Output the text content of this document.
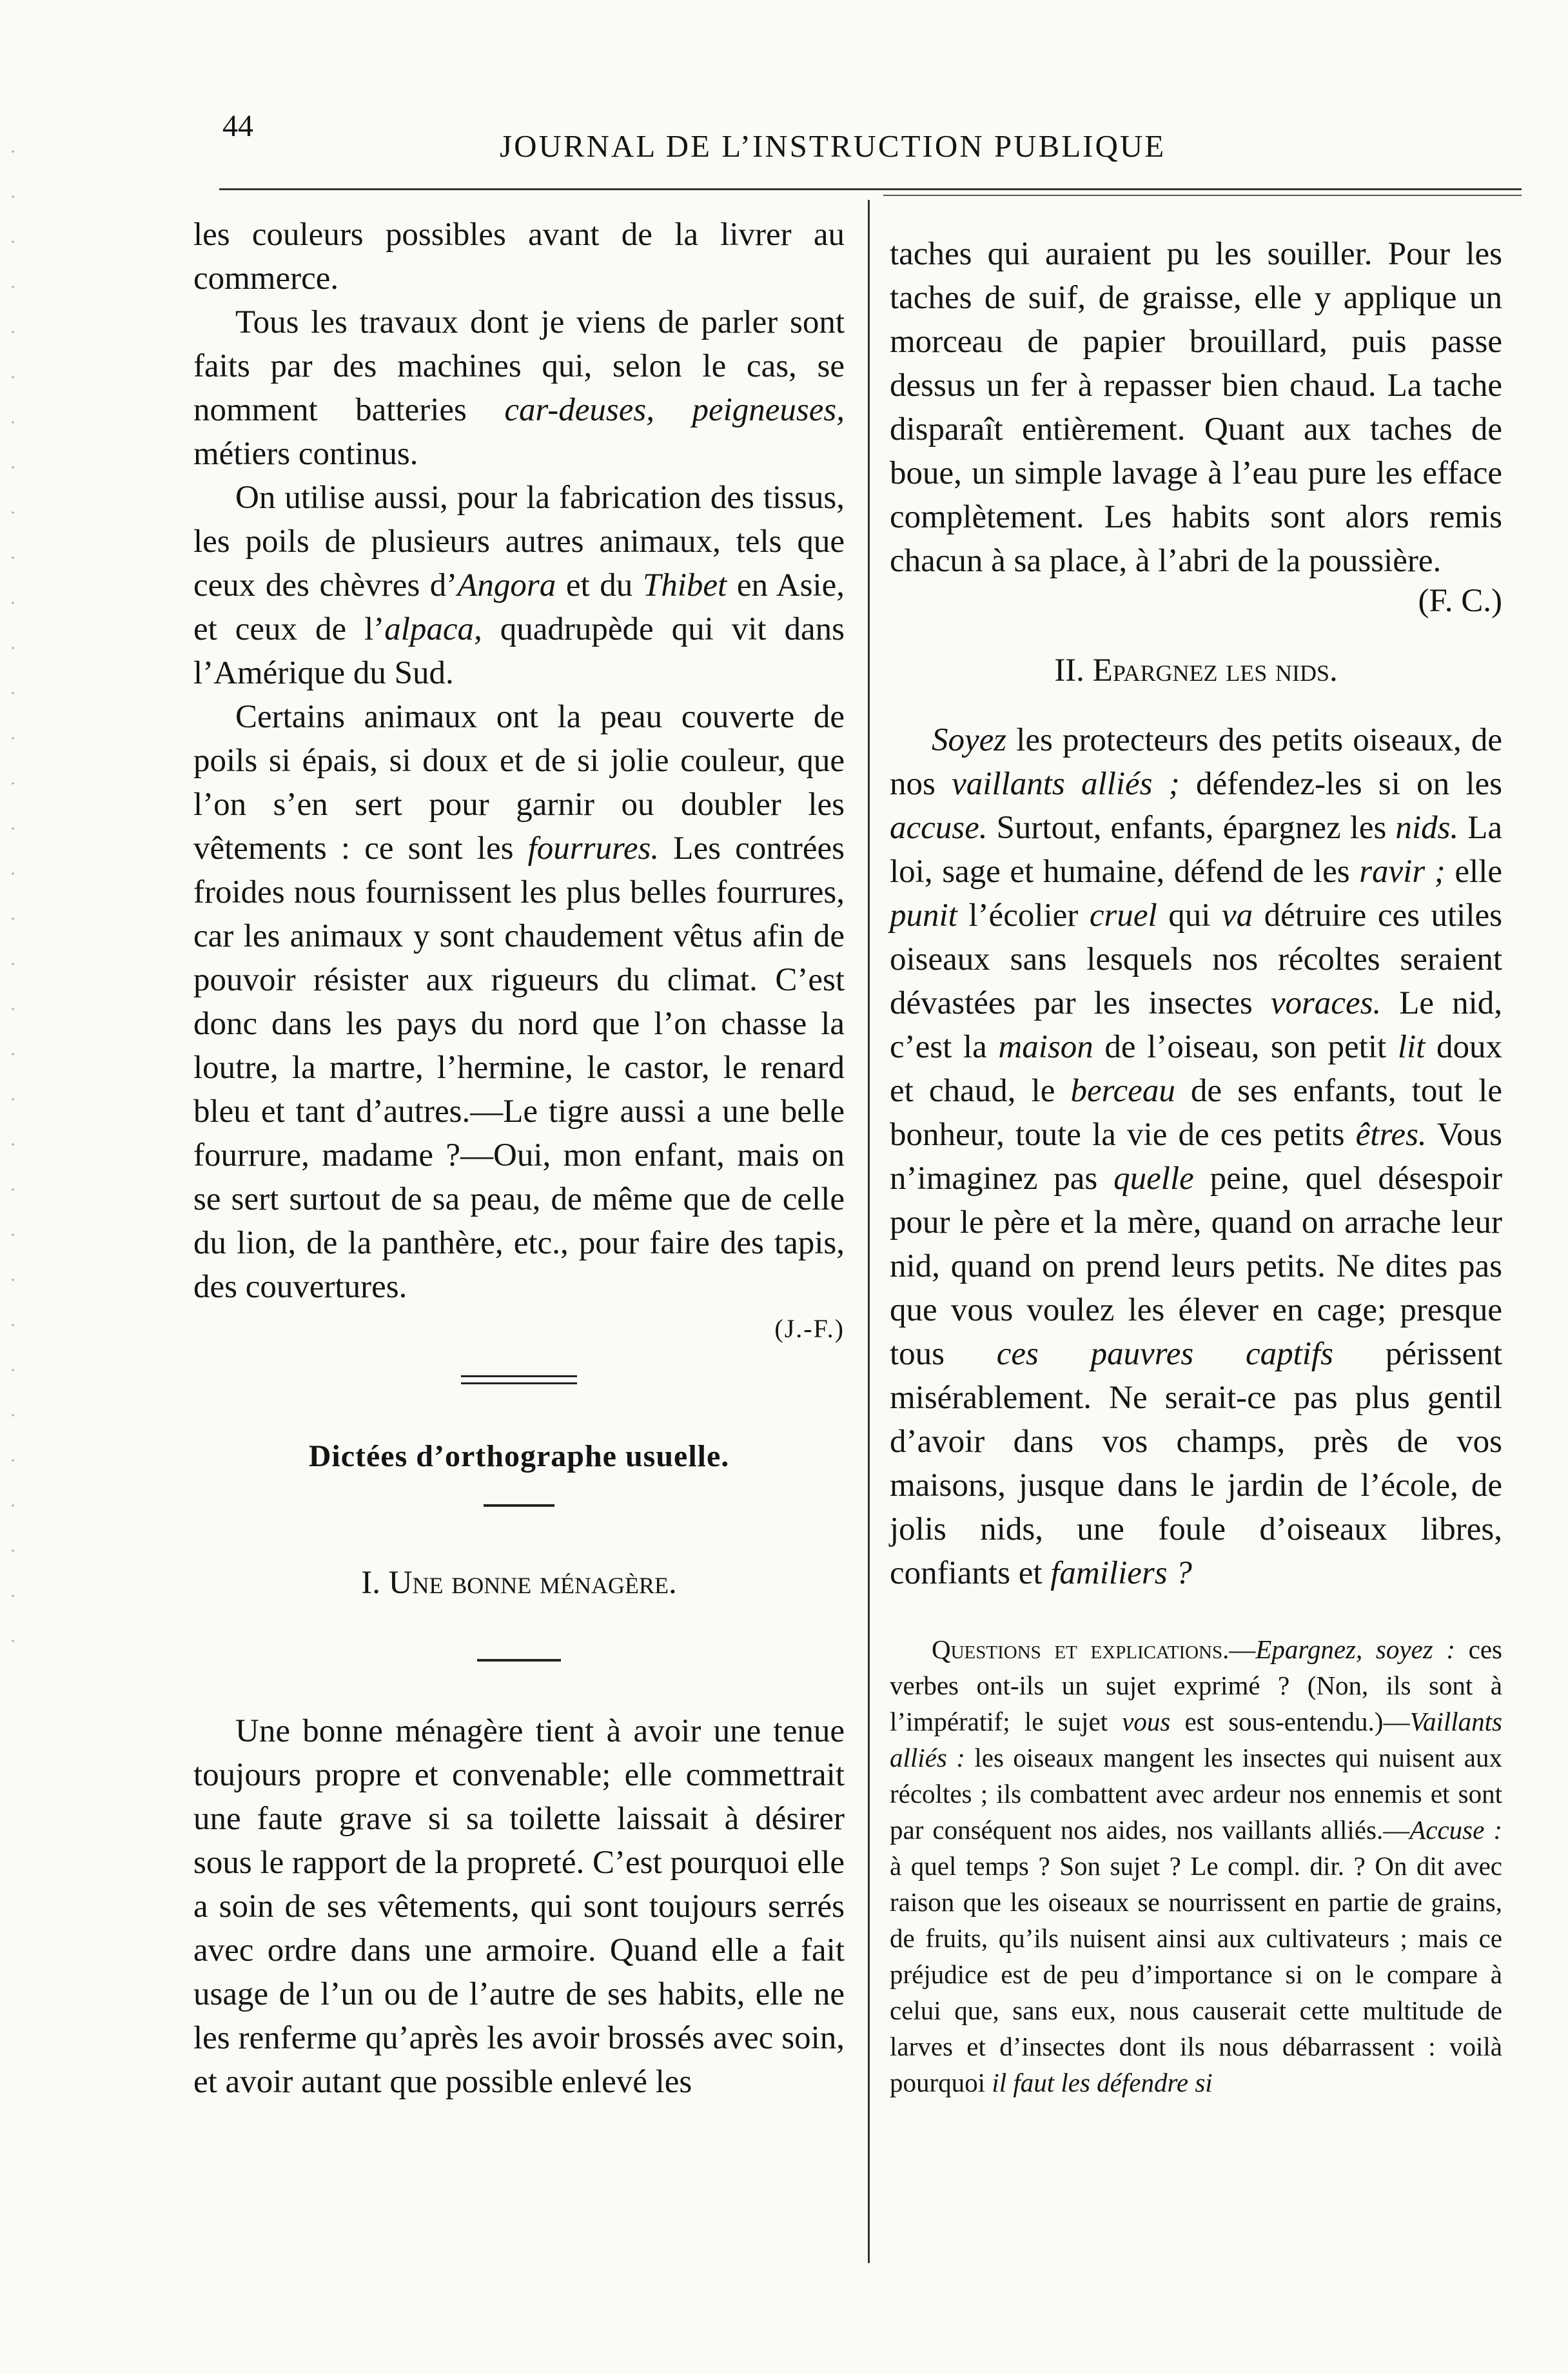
44
JOURNAL DE L’INSTRUCTION PUBLIQUE

les couleurs possibles avant de la livrer au commerce.

Tous les travaux dont je viens de parler sont faits par des machines qui, selon le cas, se nomment batteries car-deuses, peigneuses, métiers continus.

On utilise aussi, pour la fabrication des tissus, les poils de plusieurs autres animaux, tels que ceux des chèvres d’Angora et du Thibet en Asie, et ceux de l’alpaca, quadrupède qui vit dans l’Amérique du Sud.

Certains animaux ont la peau couverte de poils si épais, si doux et de si jolie couleur, que l’on s’en sert pour garnir ou doubler les vêtements : ce sont les fourrures. Les contrées froides nous fournissent les plus belles fourrures, car les animaux y sont chaudement vêtus afin de pouvoir résister aux rigueurs du climat. C’est donc dans les pays du nord que l’on chasse la loutre, la martre, l’hermine, le castor, le renard bleu et tant d’autres.—Le tigre aussi a une belle fourrure, madame ?—Oui, mon enfant, mais on se sert surtout de sa peau, de même que de celle du lion, de la panthère, etc., pour faire des tapis, des couvertures.

(J.-F.)

Dictées d’orthographe usuelle.

I. Une bonne ménagère.

Une bonne ménagère tient à avoir une tenue toujours propre et convenable; elle commettrait une faute grave si sa toilette laissait à désirer sous le rapport de la propreté. C’est pourquoi elle a soin de ses vêtements, qui sont toujours serrés avec ordre dans une armoire. Quand elle a fait usage de l’un ou de l’autre de ses habits, elle ne les renferme qu’après les avoir brossés avec soin, et avoir autant que possible enlevé les

taches qui auraient pu les souiller. Pour les taches de suif, de graisse, elle y applique un morceau de papier brouillard, puis passe dessus un fer à repasser bien chaud. La tache disparaît entièrement. Quant aux taches de boue, un simple lavage à l’eau pure les efface complètement. Les habits sont alors remis chacun à sa place, à l’abri de la poussière.

(F. C.)

II. Epargnez les nids.

Soyez les protecteurs des petits oiseaux, de nos vaillants alliés ; défendez-les si on les accuse. Surtout, enfants, épargnez les nids. La loi, sage et humaine, défend de les ravir ; elle punit l’écolier cruel qui va détruire ces utiles oiseaux sans lesquels nos récoltes seraient dévastées par les insectes voraces. Le nid, c’est la maison de l’oiseau, son petit lit doux et chaud, le berceau de ses enfants, tout le bonheur, toute la vie de ces petits êtres. Vous n’imaginez pas quelle peine, quel désespoir pour le père et la mère, quand on arrache leur nid, quand on prend leurs petits. Ne dites pas que vous voulez les élever en cage; presque tous ces pauvres captifs périssent misérablement. Ne serait-ce pas plus gentil d’avoir dans vos champs, près de vos maisons, jusque dans le jardin de l’école, de jolis nids, une foule d’oiseaux libres, confiants et familiers ?

Questions et explications.—Epargnez, soyez : ces verbes ont-ils un sujet exprimé ? (Non, ils sont à l’impératif; le sujet vous est sous-entendu.)—Vaillants alliés : les oiseaux mangent les insectes qui nuisent aux récoltes ; ils combattent avec ardeur nos ennemis et sont par conséquent nos aides, nos vaillants alliés.—Accuse : à quel temps ? Son sujet ? Le compl. dir. ? On dit avec raison que les oiseaux se nourrissent en partie de grains, de fruits, qu’ils nuisent ainsi aux cultivateurs ; mais ce préjudice est de peu d’importance si on le compare à celui que, sans eux, nous causerait cette multitude de larves et d’insectes dont ils nous débarrassent : voilà pourquoi il faut les défendre si
